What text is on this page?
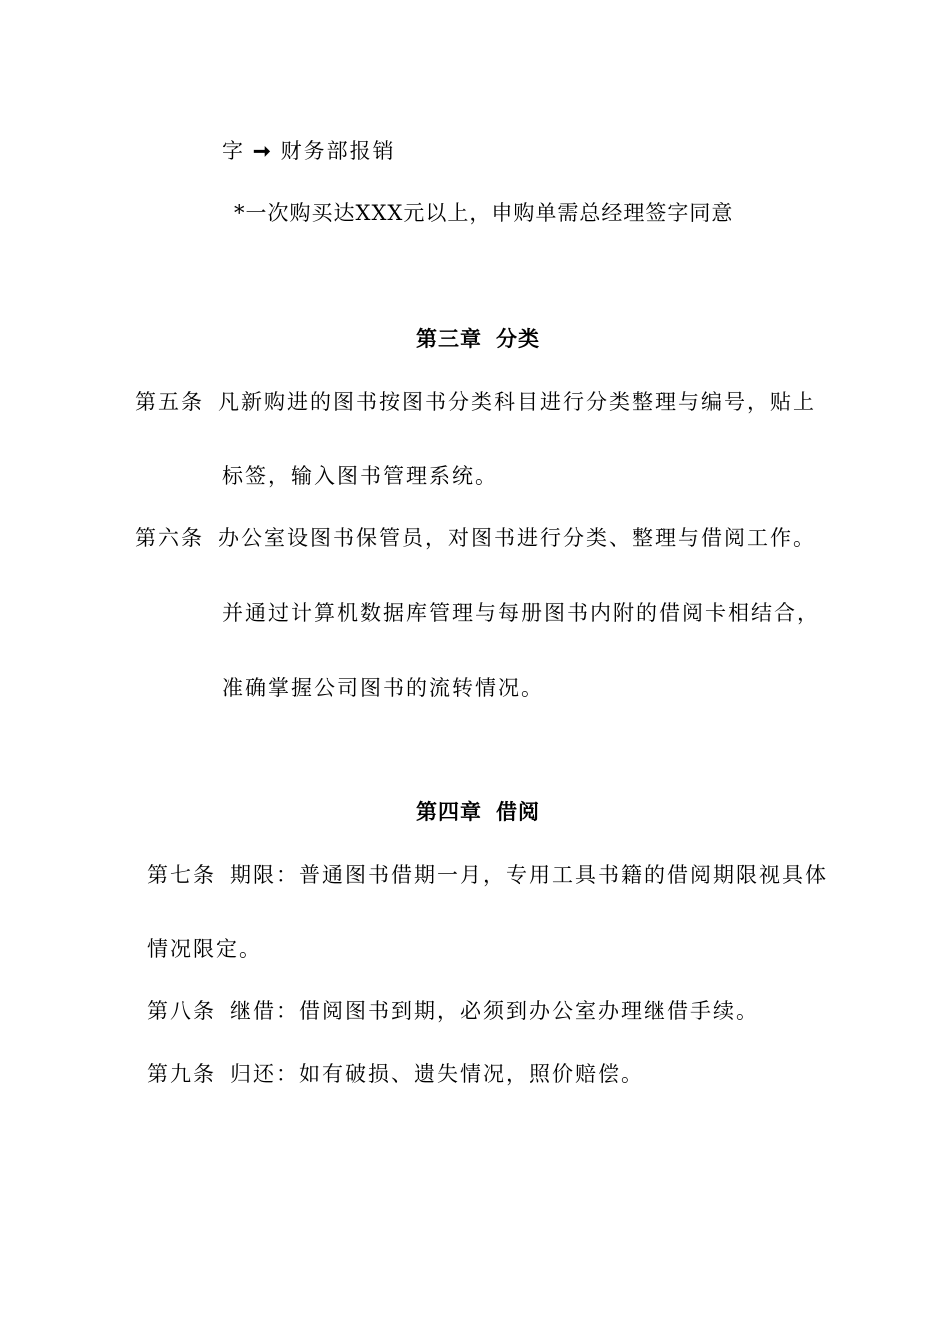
字 ➞ 财务部报销
*一次购买达XXX元以上，申购单需总经理签字同意
第三章 分类
第五条 凡新购进的图书按图书分类科目进行分类整理与编号，贴上
标签，输入图书管理系统。
第六条 办公室设图书保管员，对图书进行分类、整理与借阅工作。
并通过计算机数据库管理与每册图书内附的借阅卡相结合，
准确掌握公司图书的流转情况。
第四章 借阅
第七条 期限：普通图书借期一月，专用工具书籍的借阅期限视具体
情况限定。
第八条 继借：借阅图书到期，必须到办公室办理继借手续。
第九条 归还：如有破损、遗失情况，照价赔偿。
